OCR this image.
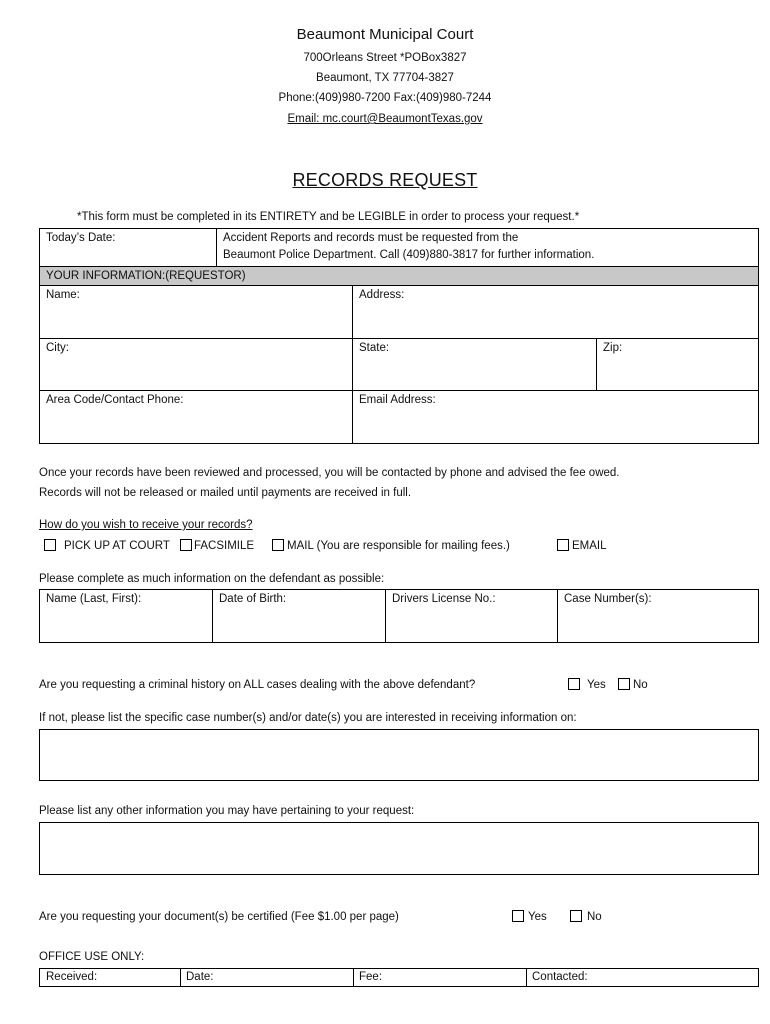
Beaumont Municipal Court
700Orleans Street *POBox3827
Beaumont, TX 77704-3827
Phone:(409)980-7200 Fax:(409)980-7244
Email: mc.court@BeaumontTexas.gov
RECORDS REQUEST
*This form must be completed in its ENTIRETY and be LEGIBLE in order to process your request.*
Today’s Date:	Accident Reports and records must be requested from the
Beaumont Police Department. Call (409)880-3817 for further information.
YOUR INFORMATION:(REQUESTOR)
Name:	Address:
City:	State:	Zip:
Area Code/Contact Phone:	Email Address:
Once your records have been reviewed and processed, you will be contacted by phone and advised the fee owed.
Records will not be released or mailed until payments are received in full.
How do you wish to receive your records?
PICK UP AT COURT FACSIMILE	MAIL (You are responsible for mailing fees.)	EMAIL
Please complete as much information on the defendant as possible:
Name (Last, First):	Date of Birth:	Drivers License No.:	Case Number(s):
Are you requesting a criminal history on ALL cases dealing with the above defendant?	Yes No
If not, please list the specific case number(s) and/or date(s) you are interested in receiving information on:
Please list any other information you may have pertaining to your request:
Are you requesting your document(s) be certified (Fee $1.00 per page)	Yes	No
OFFICE USE ONLY:
Received:	Date:	Fee:	Contacted:
